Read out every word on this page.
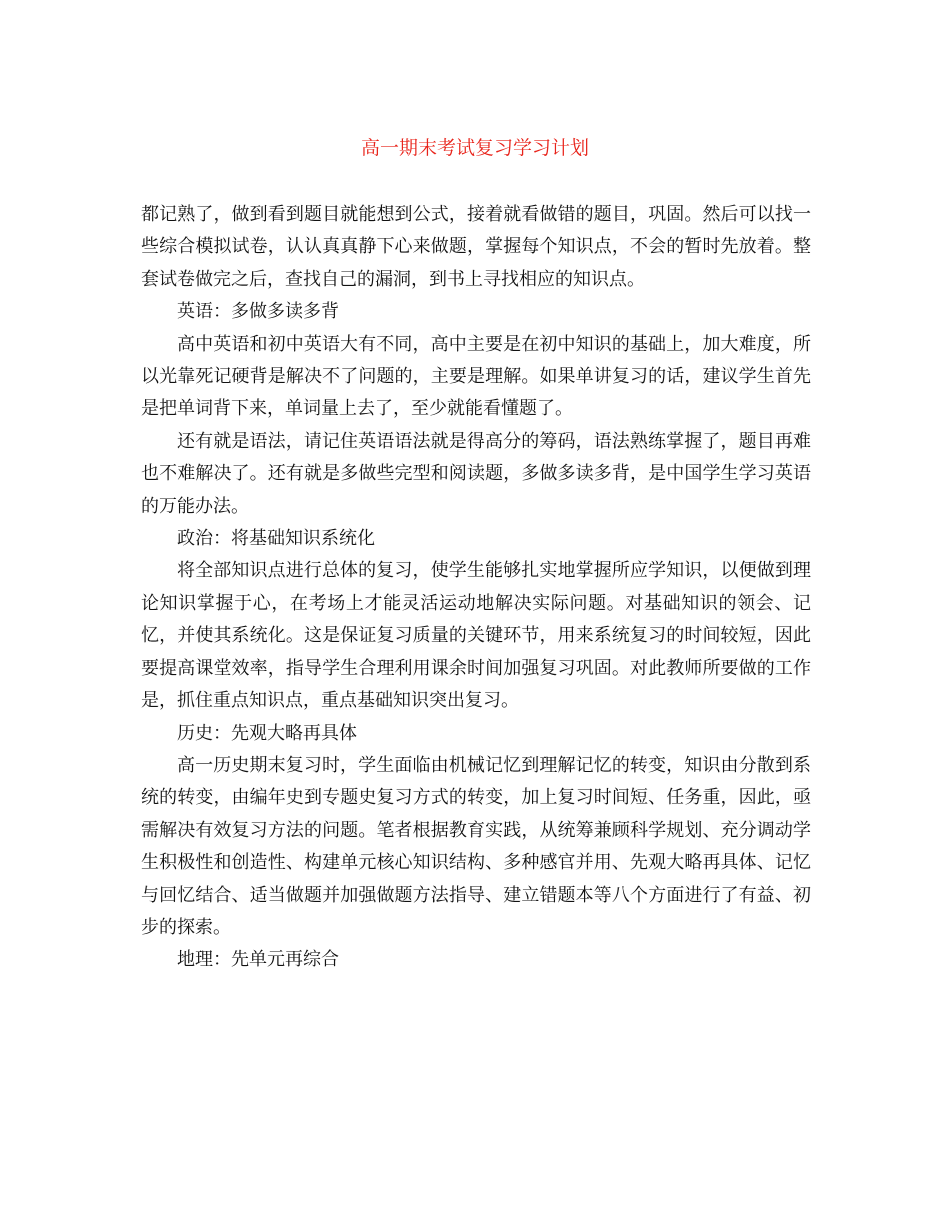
高一期末考试复习学习计划

都记熟了，做到看到题目就能想到公式，接着就看做错的题目，巩固。然后可以找一些综合模拟试卷，认认真真静下心来做题，掌握每个知识点，不会的暂时先放着。整套试卷做完之后，查找自己的漏洞，到书上寻找相应的知识点。

英语：多做多读多背

高中英语和初中英语大有不同，高中主要是在初中知识的基础上，加大难度，所以光靠死记硬背是解决不了问题的，主要是理解。如果单讲复习的话，建议学生首先是把单词背下来，单词量上去了，至少就能看懂题了。

还有就是语法，请记住英语语法就是得高分的筹码，语法熟练掌握了，题目再难也不难解决了。还有就是多做些完型和阅读题，多做多读多背，是中国学生学习英语的万能办法。

政治：将基础知识系统化

将全部知识点进行总体的复习，使学生能够扎实地掌握所应学知识，以便做到理论知识掌握于心，在考场上才能灵活运动地解决实际问题。对基础知识的领会、记忆，并使其系统化。这是保证复习质量的关键环节，用来系统复习的时间较短，因此要提高课堂效率，指导学生合理利用课余时间加强复习巩固。对此教师所要做的工作是，抓住重点知识点，重点基础知识突出复习。

历史：先观大略再具体

高一历史期末复习时，学生面临由机械记忆到理解记忆的转变，知识由分散到系统的转变，由编年史到专题史复习方式的转变，加上复习时间短、任务重，因此，亟需解决有效复习方法的问题。笔者根据教育实践，从统筹兼顾科学规划、充分调动学生积极性和创造性、构建单元核心知识结构、多种感官并用、先观大略再具体、记忆与回忆结合、适当做题并加强做题方法指导、建立错题本等八个方面进行了有益、初步的探索。

地理：先单元再综合
